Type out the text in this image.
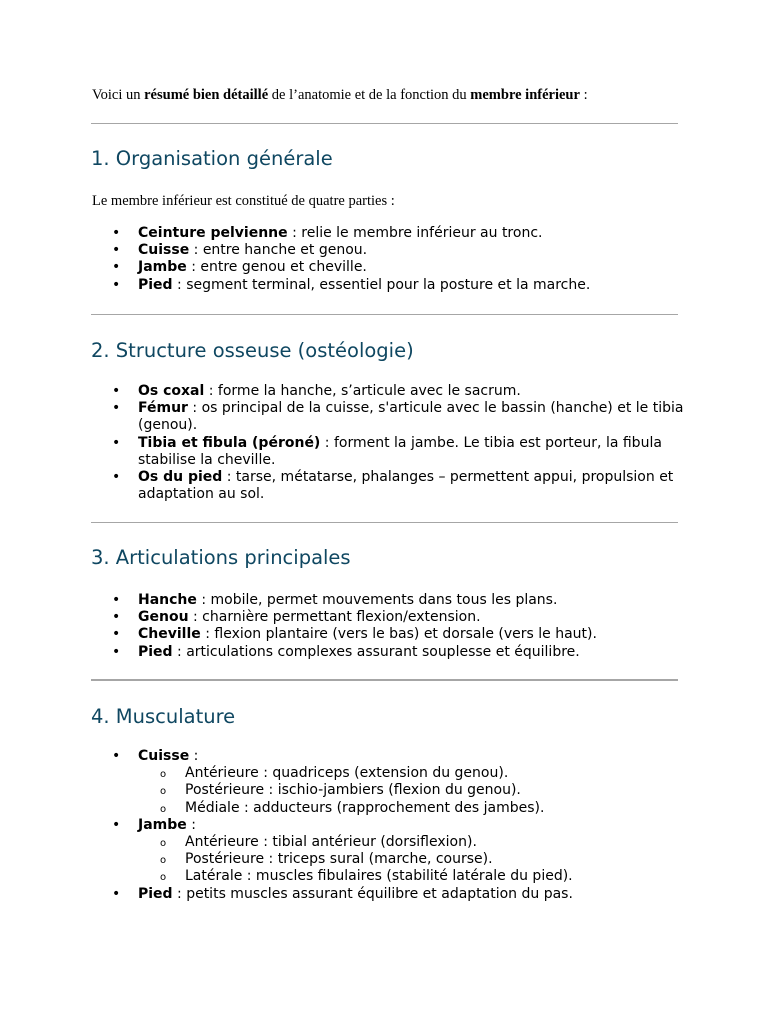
Voici un résumé bien détaillé de l’anatomie et de la fonction du membre inférieur :

1. Organisation générale

Le membre inférieur est constitué de quatre parties :

• Ceinture pelvienne : relie le membre inférieur au tronc.
• Cuisse : entre hanche et genou.
• Jambe : entre genou et cheville.
• Pied : segment terminal, essentiel pour la posture et la marche.
2. Structure osseuse (ostéologie)
• Os coxal : forme la hanche, s’articule avec le sacrum.
• Fémur : os principal de la cuisse, s'articule avec le bassin (hanche) et le tibia (genou).
• Tibia et fibula (péroné) : forment la jambe. Le tibia est porteur, la fibula stabilise la cheville.
• Os du pied : tarse, métatarse, phalanges – permettent appui, propulsion et adaptation au sol.
3. Articulations principales
• Hanche : mobile, permet mouvements dans tous les plans.
• Genou : charnière permettant flexion/extension.
• Cheville : flexion plantaire (vers le bas) et dorsale (vers le haut).
• Pied : articulations complexes assurant souplesse et équilibre.
4. Musculature
• Cuisse :
o Antérieure : quadriceps (extension du genou).
o Postérieure : ischio-jambiers (flexion du genou).
o Médiale : adducteurs (rapprochement des jambes).
• Jambe :
o Antérieure : tibial antérieur (dorsiflexion).
o Postérieure : triceps sural (marche, course).
o Latérale : muscles fibulaires (stabilité latérale du pied).
• Pied : petits muscles assurant équilibre et adaptation du pas.
